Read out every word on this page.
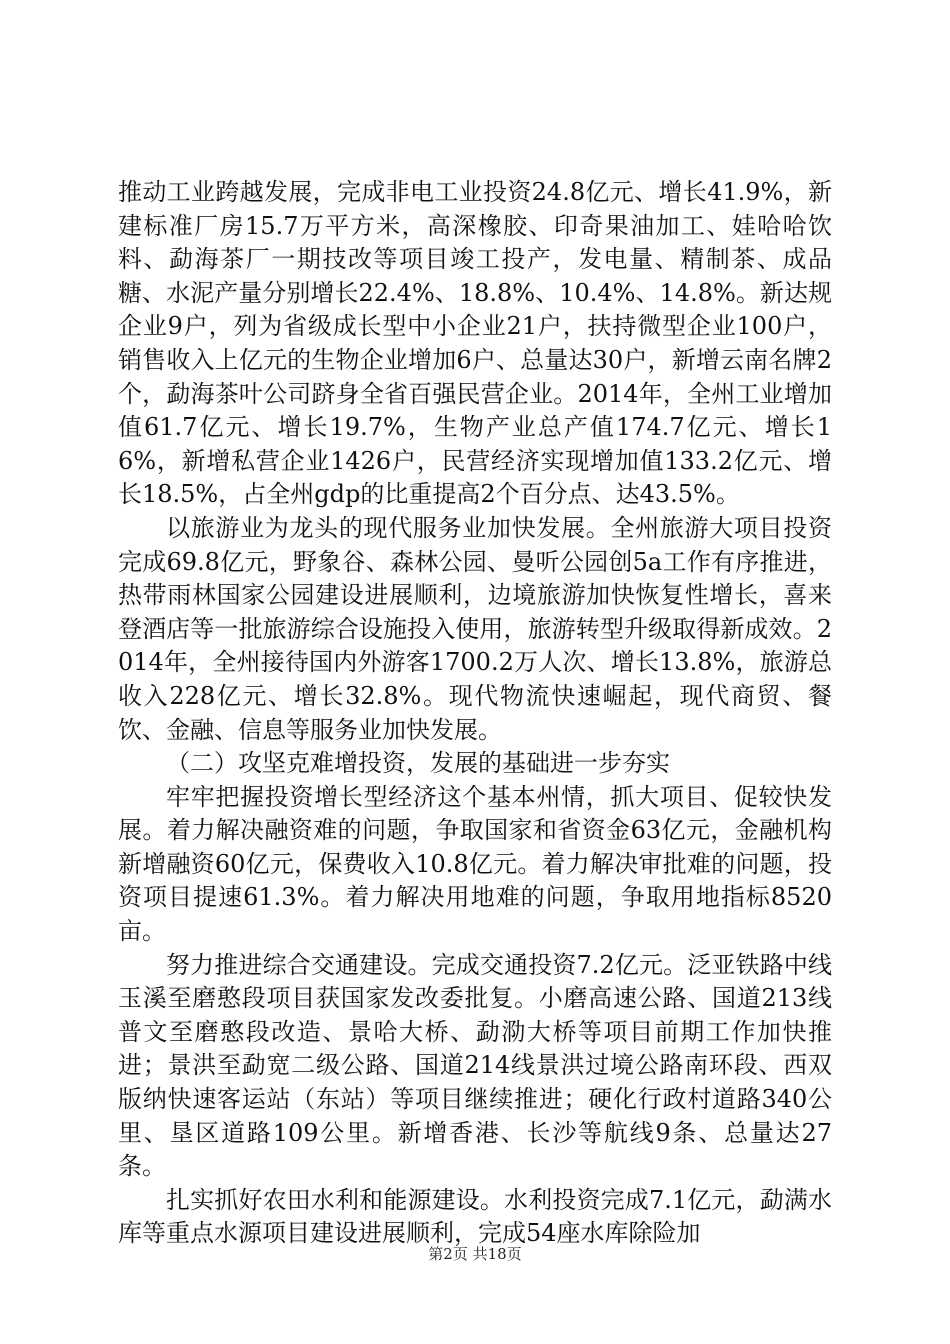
推动工业跨越发展，完成非电工业投资24.8亿元、增长41.9%，新建标准厂房15.7万平方米，高深橡胶、印奇果油加工、娃哈哈饮料、勐海茶厂一期技改等项目竣工投产，发电量、精制茶、成品糖、水泥产量分别增长22.4%、18.8%、10.4%、14.8%。新达规企业9户，列为省级成长型中小企业21户，扶持微型企业100户，销售收入上亿元的生物企业增加6户、总量达30户，新增云南名牌2个，勐海茶叶公司跻身全省百强民营企业。2014年，全州工业增加值61.7亿元、增长19.7%，生物产业总产值174.7亿元、增长16%，新增私营企业1426户，民营经济实现增加值133.2亿元、增长18.5%，占全州gdp的比重提高2个百分点、达43.5%。

以旅游业为龙头的现代服务业加快发展。全州旅游大项目投资完成69.8亿元，野象谷、森林公园、曼听公园创5a工作有序推进，热带雨林国家公园建设进展顺利，边境旅游加快恢复性增长，喜来登酒店等一批旅游综合设施投入使用，旅游转型升级取得新成效。2014年，全州接待国内外游客1700.2万人次、增长13.8%，旅游总收入228亿元、增长32.8%。现代物流快速崛起，现代商贸、餐饮、金融、信息等服务业加快发展。

（二）攻坚克难增投资，发展的基础进一步夯实

牢牢把握投资增长型经济这个基本州情，抓大项目、促较快发展。着力解决融资难的问题，争取国家和省资金63亿元，金融机构新增融资60亿元，保费收入10.8亿元。着力解决审批难的问题，投资项目提速61.3%。着力解决用地难的问题，争取用地指标8520亩。

努力推进综合交通建设。完成交通投资7.2亿元。泛亚铁路中线玉溪至磨憨段项目获国家发改委批复。小磨高速公路、国道213线普文至磨憨段改造、景哈大桥、勐泐大桥等项目前期工作加快推进；景洪至勐宽二级公路、国道214线景洪过境公路南环段、西双版纳快速客运站（东站）等项目继续推进；硬化行政村道路340公里、垦区道路109公里。新增香港、长沙等航线9条、总量达27条。

扎实抓好农田水利和能源建设。水利投资完成7.1亿元，勐满水库等重点水源项目建设进展顺利，完成54座水库除险加

第2页 共18页
